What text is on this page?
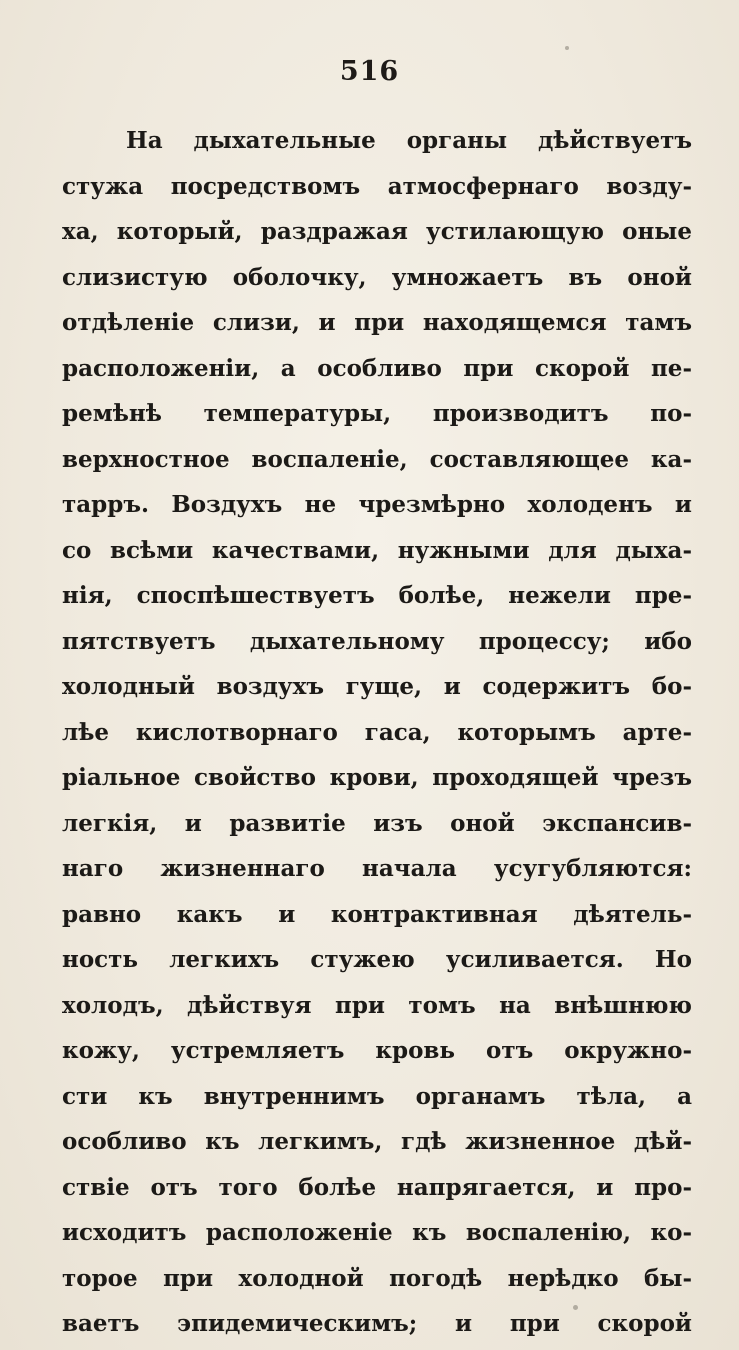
516
На дыхательные органы дѣйствуетъ
стужа посредствомъ атмосфернаго возду-
ха, который, раздражая устилающую оные
слизистую оболочку, умножаетъ въ оной
отдѣленіе слизи, и при находящемся тамъ
расположеніи, а особливо при скорой пе-
ремѣнѣ температуры, производитъ по-
верхностное воспаленіе, составляющее ка-
тарръ. Воздухъ не чрезмѣрно холоденъ и
со всѣми качествами, нужными для дыха-
нія, споспѣшествуетъ болѣе, нежели пре-
пятствуетъ дыхательному процессу; ибо
холодный воздухъ гуще, и содержитъ бо-
лѣе кислотворнаго гаса, которымъ арте-
ріальное свойство крови, проходящей чрезъ
легкія, и развитіе изъ оной экспансив-
наго жизненнаго начала усугубляются:
равно какъ и контрактивная дѣятель-
ность легкихъ стужею усиливается. Но
холодъ, дѣйствуя при томъ на внѣшнюю
кожу, устремляетъ кровь отъ окружно-
сти къ внутреннимъ органамъ тѣла, а
особливо къ легкимъ, гдѣ жизненное дѣй-
ствіе отъ того болѣе напрягается, и про-
исходитъ расположеніе къ воспаленію, ко-
торое при холодной погодѣ нерѣдко бы-
ваетъ эпидемическимъ; и при скорой
